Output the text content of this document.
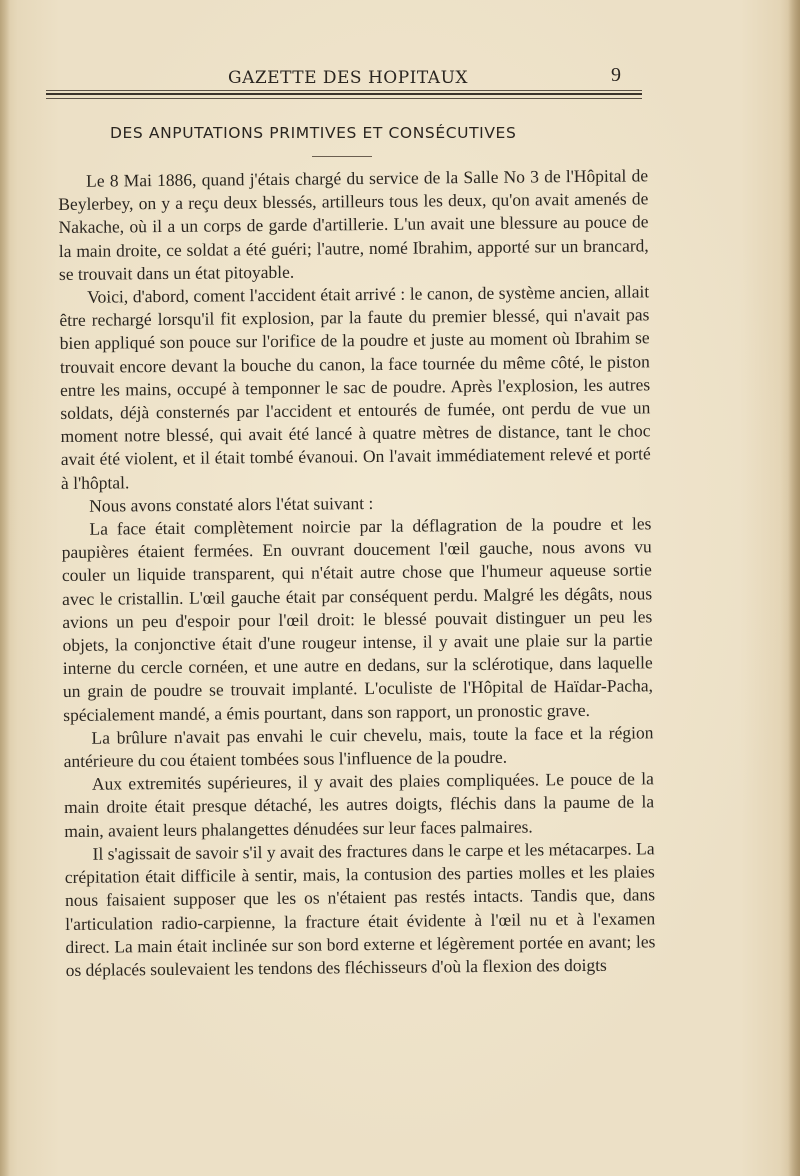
GAZETTE DES HOPITAUX	9
DES ANPUTATIONS PRIMTIVES ET CONSÉCUTIVES

Le 8 Mai 1886, quand j'étais chargé du service de la Salle No 3 de l'Hôpital de Beylerbey, on y a reçu deux blessés, artilleurs tous les deux, qu'on avait amenés de Nakache, où il a un corps de garde d'artillerie. L'un avait une blessure au pouce de la main droite, ce soldat a été guéri; l'autre, nomé Ibrahim, apporté sur un brancard, se trouvait dans un état pitoyable.

Voici, d'abord, coment l'accident était arrivé : le canon, de système ancien, allait être rechargé lorsqu'il fit explosion, par la faute du premier blessé, qui n'avait pas bien appliqué son pouce sur l'orifice de la poudre et juste au moment où Ibrahim se trouvait encore devant la bouche du canon, la face tournée du même côté, le piston entre les mains, occupé à temponner le sac de poudre. Après l'explosion, les autres soldats, déjà consternés par l'accident et entourés de fumée, ont perdu de vue un moment notre blessé, qui avait été lancé à quatre mètres de distance, tant le choc avait été violent, et il était tombé évanoui. On l'avait immédiatement relevé et porté à l'hôptal.

Nous avons constaté alors l'état suivant :

La face était complètement noircie par la déflagration de la poudre et les paupières étaient fermées. En ouvrant doucement l'œil gauche, nous avons vu couler un liquide transparent, qui n'était autre chose que l'humeur aqueuse sortie avec le cristallin. L'œil gauche était par conséquent perdu. Malgré les dégâts, nous avions un peu d'espoir pour l'œil droit: le blessé pouvait distinguer un peu les objets, la conjonctive était d'une rougeur intense, il y avait une plaie sur la partie interne du cercle cornéen, et une autre en dedans, sur la sclérotique, dans laquelle un grain de poudre se trouvait implanté. L'oculiste de l'Hôpital de Haïdar-Pacha, spécialement mandé, a émis pourtant, dans son rapport, un pronostic grave.

La brûlure n'avait pas envahi le cuir chevelu, mais, toute la face et la région antérieure du cou étaient tombées sous l'influence de la poudre.

Aux extremités supérieures, il y avait des plaies compliquées. Le pouce de la main droite était presque détaché, les autres doigts, fléchis dans la paume de la main, avaient leurs phalangettes dénudées sur leur faces palmaires.

Il s'agissait de savoir s'il y avait des fractures dans le carpe et les métacarpes. La crépitation était difficile à sentir, mais, la contusion des parties molles et les plaies nous faisaient supposer que les os n'étaient pas restés intacts. Tandis que, dans l'articulation radio-carpienne, la fracture était évidente à l'œil nu et à l'examen direct. La main était inclinée sur son bord externe et légèrement portée en avant; les os déplacés soulevaient les tendons des fléchisseurs d'où la flexion des doigts
